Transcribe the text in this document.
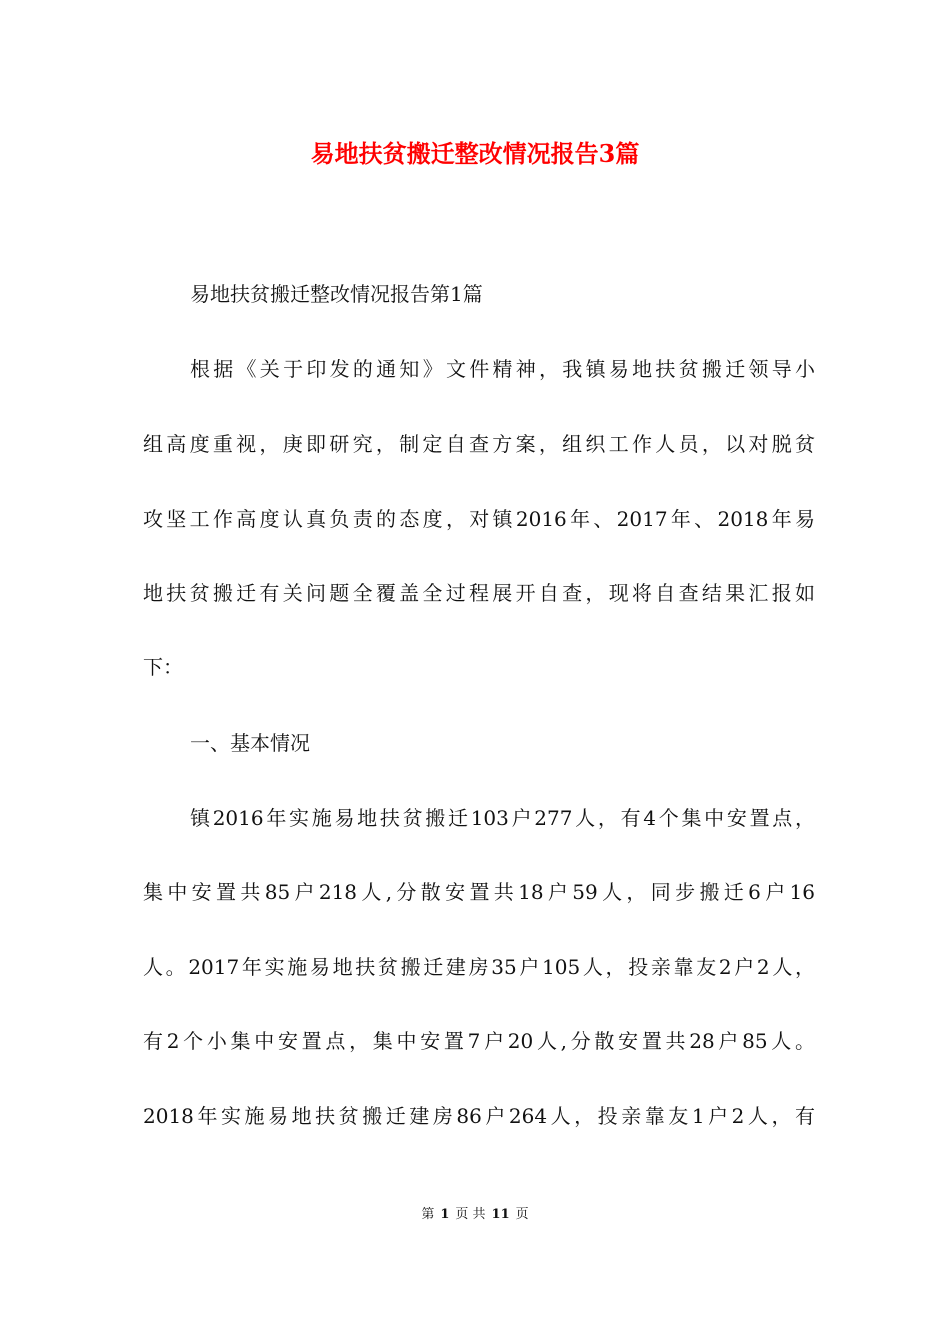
易地扶贫搬迁整改情况报告3篇
易地扶贫搬迁整改情况报告第1篇
根据《关于印发的通知》文件精神，我镇易地扶贫搬迁领导小
组高度重视，庚即研究，制定自查方案，组织工作人员，以对脱贫
攻坚工作高度认真负责的态度，对镇2016年、2017年、2018年易
地扶贫搬迁有关问题全覆盖全过程展开自查，现将自查结果汇报如
下：
一、基本情况
镇2016年实施易地扶贫搬迁103户277人，有4个集中安置点，
集中安置共85户218人,分散安置共18户59人，同步搬迁6户16
人。2017年实施易地扶贫搬迁建房35户105人，投亲靠友2户2人，
有2个小集中安置点，集中安置7户20人,分散安置共28户85人。
2018年实施易地扶贫搬迁建房86户264人，投亲靠友1户2人，有
第 1 页 共 11 页
